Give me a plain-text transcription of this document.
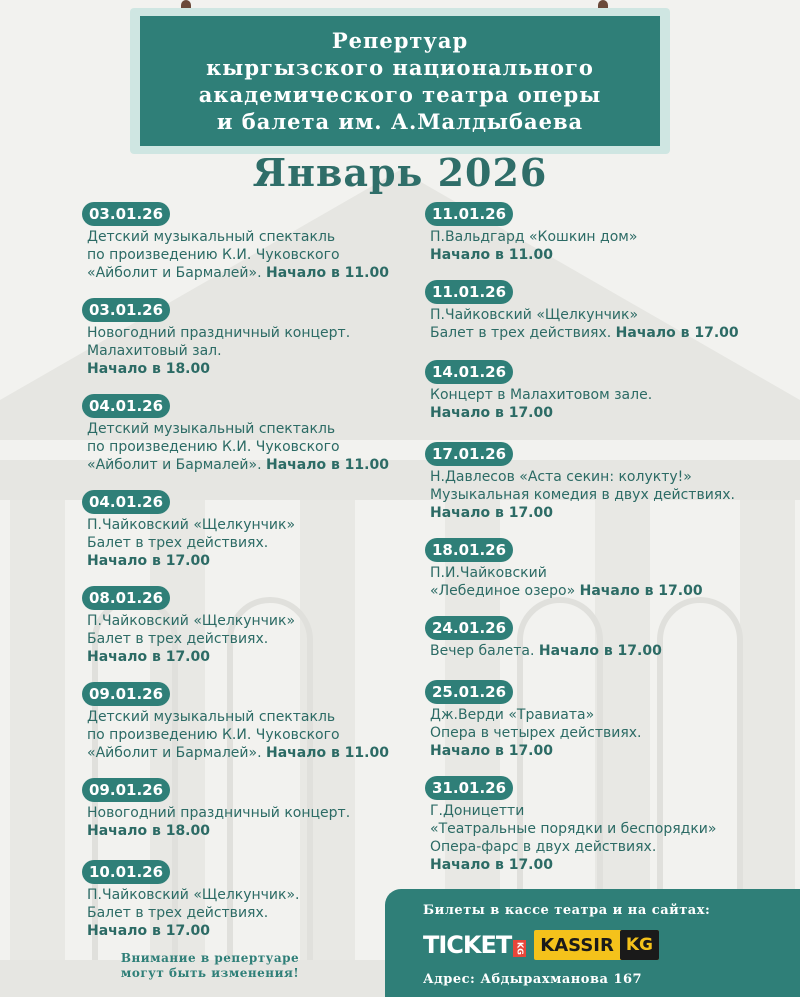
Репертуар
кыргызского национального
академического театра оперы
и балета им. А.Малдыбаева
Январь 2026
03.01.26
Детский музыкальный спектакль
по произведению К.И. Чуковского
«Айболит и Бармалей». Начало в 11.00
03.01.26
Новогодний праздничный концерт.
Малахитовый зал.
Начало в 18.00
04.01.26
Детский музыкальный спектакль
по произведению К.И. Чуковского
«Айболит и Бармалей». Начало в 11.00
04.01.26
П.Чайковский «Щелкунчик»
Балет в трех действиях.
Начало в 17.00
08.01.26
П.Чайковский «Щелкунчик»
Балет в трех действиях.
Начало в 17.00
09.01.26
Детский музыкальный спектакль
по произведению К.И. Чуковского
«Айболит и Бармалей». Начало в 11.00
09.01.26
Новогодний праздничный концерт.
Начало в 18.00
10.01.26
П.Чайковский «Щелкунчик».
Балет в трех действиях.
Начало в 17.00
11.01.26
П.Вальдгард «Кошкин дом»
Начало в 11.00
11.01.26
П.Чайковский «Щелкунчик»
Балет в трех действиях. Начало в 17.00
14.01.26
Концерт в Малахитовом зале.
Начало в 17.00
17.01.26
Н.Давлесов «Аста секин: колукту!»
Музыкальная комедия в двух действиях.
Начало в 17.00
18.01.26
П.И.Чайковский
«Лебединое озеро» Начало в 17.00
24.01.26
Вечер балета. Начало в 17.00
25.01.26
Дж.Верди «Травиата»
Опера в четырех действиях.
Начало в 17.00
31.01.26
Г.Доницетти
«Театральные порядки и беспорядки»
Опера-фарс в двух действиях.
Начало в 17.00
Внимание в репертуаре
могут быть изменения!
Билеты в кассе театра и на сайтах:
TICKET KG KASSIR KG
Адрес: Абдырахманова 167
